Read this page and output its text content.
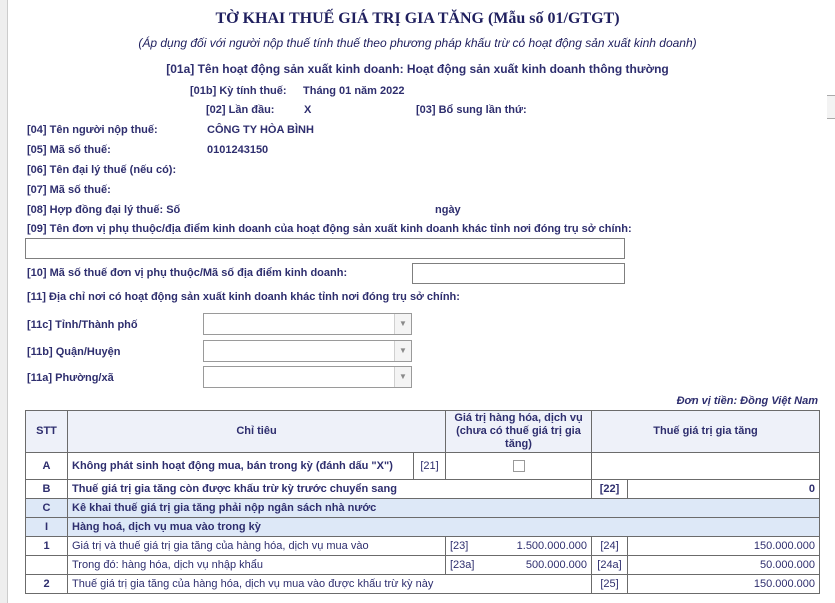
TỜ KHAI THUẾ GIÁ TRỊ GIA TĂNG (Mẫu số 01/GTGT)
(Áp dụng đối với người nộp thuế tính thuế theo phương pháp khấu trừ có hoạt động sản xuất kinh doanh)
[01a] Tên hoạt động sản xuất kinh doanh: Hoạt động sản xuất kinh doanh thông thường
[01b] Kỳ tính thuế: Tháng 01 năm 2022
[02] Lần đầu:	X	[03] Bổ sung lần thứ:
[04] Tên người nộp thuế:	CÔNG TY HÒA BÌNH
[05] Mã số thuế:	0101243150
[06] Tên đại lý thuế (nếu có):
[07] Mã số thuế:
[08] Hợp đồng đại lý thuế: Số	ngày
[09] Tên đơn vị phụ thuộc/địa điểm kinh doanh của hoạt động sản xuất kinh doanh khác tỉnh nơi đóng trụ sở chính:
[10] Mã số thuế đơn vị phụ thuộc/Mã số địa điểm kinh doanh:
[11] Địa chỉ nơi có hoạt động sản xuất kinh doanh khác tỉnh nơi đóng trụ sở chính:
[11c] Tỉnh/Thành phố	▼
[11b] Quận/Huyện	▼
[11a] Phường/xã	▼
Đơn vị tiền: Đồng Việt Nam
STT	Chỉ tiêu		Giá trị hàng hóa, dịch vụ (chưa có thuế giá trị gia tăng)	Thuế giá trị gia tăng	
A	Không phát sinh hoạt động mua, bán trong kỳ (đánh dấu "X")	[21]			
B	Thuế giá trị gia tăng còn được khấu trừ kỳ trước chuyển sang			[22]	0
C	Kê khai thuế giá trị gia tăng phải nộp ngân sách nhà nước				
I	Hàng hoá, dịch vụ mua vào trong kỳ				
1	Giá trị và thuế giá trị gia tăng của hàng hóa, dịch vụ mua vào		[23] 1.500.000.000	[24]	150.000.000
	Trong đó: hàng hóa, dịch vụ nhập khẩu		[23a] 500.000.000	[24a]	50.000.000
2	Thuế giá trị gia tăng của hàng hóa, dịch vụ mua vào được khấu trừ kỳ này			[25]	150.000.000
